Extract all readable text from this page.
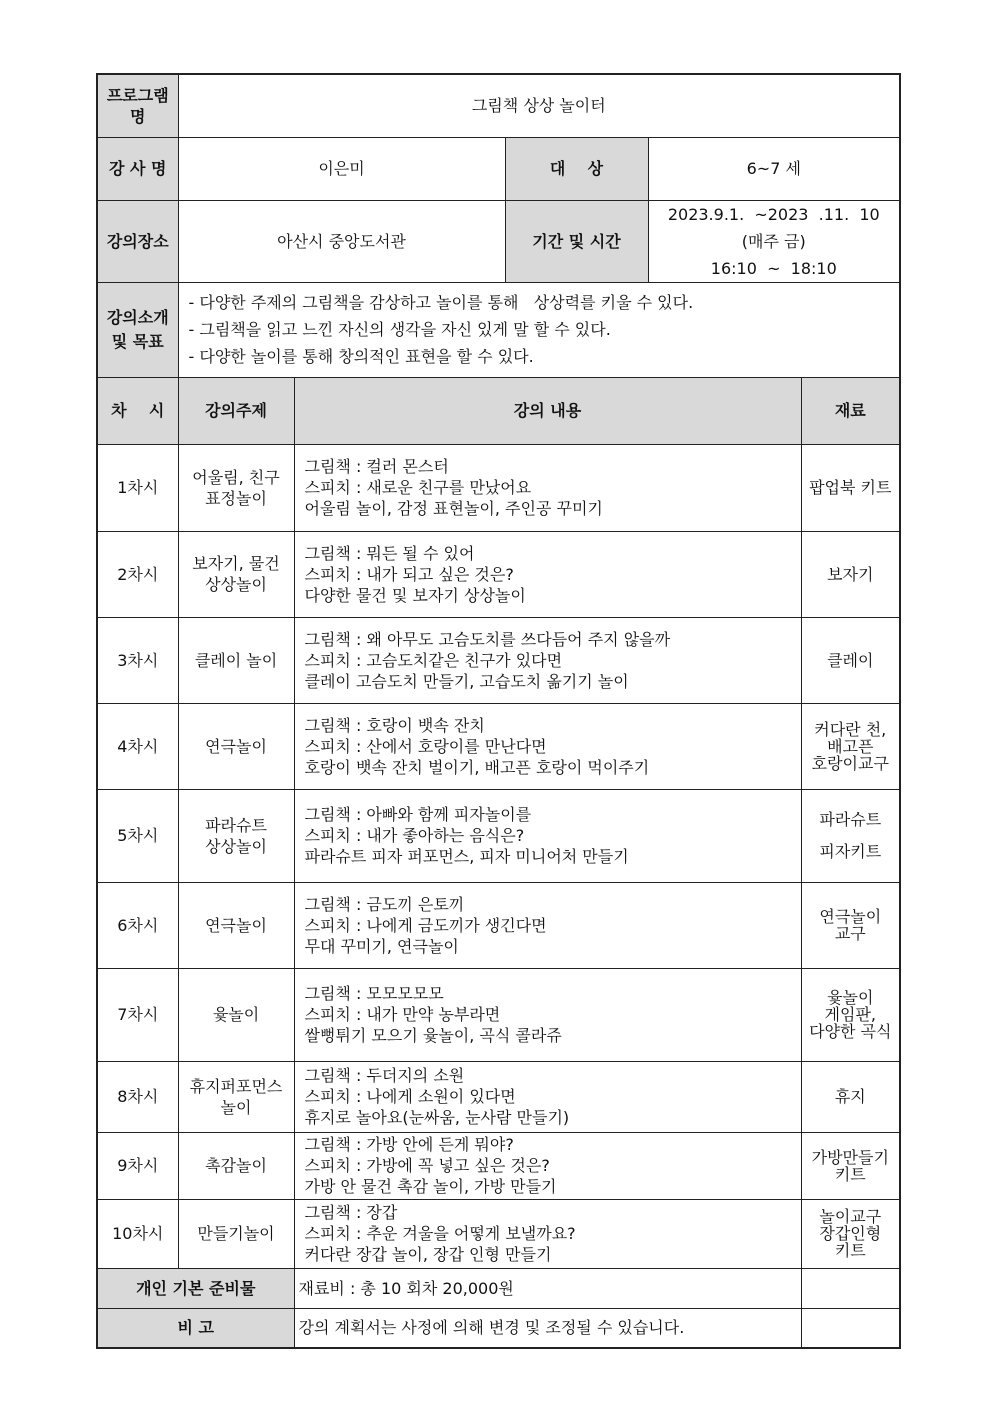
프로그램명	그림책 상상 놀이터				
강 사 명	이은미		대    상	6~7 세	
강의장소	아산시 중앙도서관		기간 및 시간	2023.9.1.  ~2023  .11.  10
(매주 금)
16:10  ~  18:10	

강의소개 및 목표	- 다양한 주제의 그림책을 감상하고 놀이를 통해   상상력를 키울 수 있다.
- 그림책을 읽고 느낀 자신의 생각을 자신 있게 말 할 수 있다.
- 다양한 놀이를 통해 창의적인 표현을 할 수 있다.				

차    시	강의주제	강의 내용			재료
1차시	어울림, 친구
표정놀이	그림책 : 컬러 몬스터
스피치 : 새로운 친구를 만났어요
어울림 놀이, 감정 표현놀이, 주인공 꾸미기			팝업북 키트

2차시	보자기, 물건
상상놀이	그림책 : 뭐든 될 수 있어
스피치 : 내가 되고 싶은 것은?
다양한 물건 및 보자기 상상놀이			보자기

3차시	클레이 놀이	그림책 : 왜 아무도 고슴도치를 쓰다듬어 주지 않을까
스피치 : 고슴도치같은 친구가 있다면
클레이 고슴도치 만들기, 고습도치 옮기기 놀이			클레이

4차시	연극놀이	그림책 : 호랑이 뱃속 잔치
스피치 : 산에서 호랑이를 만난다면
호랑이 뱃속 잔치 벌이기, 배고픈 호랑이 먹이주기			커다란 천,
배고픈
호랑이교구

5차시	파라슈트
상상놀이	그림책 : 아빠와 함께 피자놀이를
스피치 : 내가 좋아하는 음식은?
파라슈트 피자 퍼포먼스, 피자 미니어처 만들기			파라슈트
피자키트

6차시	연극놀이	그림책 : 금도끼 은토끼
스피치 : 나에게 금도끼가 생긴다면
무대 꾸미기, 연극놀이			연극놀이
교구

7차시	윷놀이	그림책 : 모모모모모
스피치 : 내가 만약 농부라면
쌀뻥튀기 모으기 윷놀이, 곡식 콜라쥬			윷놀이
게임판,
다양한 곡식

8차시	휴지퍼포먼스
놀이	그림책 : 두더지의 소원
스피치 : 나에게 소원이 있다면
휴지로 놀아요(눈싸움, 눈사람 만들기)			휴지

9차시	촉감놀이	그림책 : 가방 안에 든게 뭐야?
스피치 : 가방에 꼭 넣고 싶은 것은?
가방 안 물건 촉감 놀이, 가방 만들기			가방만들기
키트

10차시	만들기놀이	그림책 : 장갑
스피치 : 추운 겨울을 어떻게 보낼까요?
커다란 장갑 놀이, 장갑 인형 만들기			놀이교구
장갑인형
키트

개인 기본 준비물		재료비 : 총 10 회차 20,000원			
비 고		강의 계획서는 사정에 의해 변경 및 조정될 수 있습니다.			
